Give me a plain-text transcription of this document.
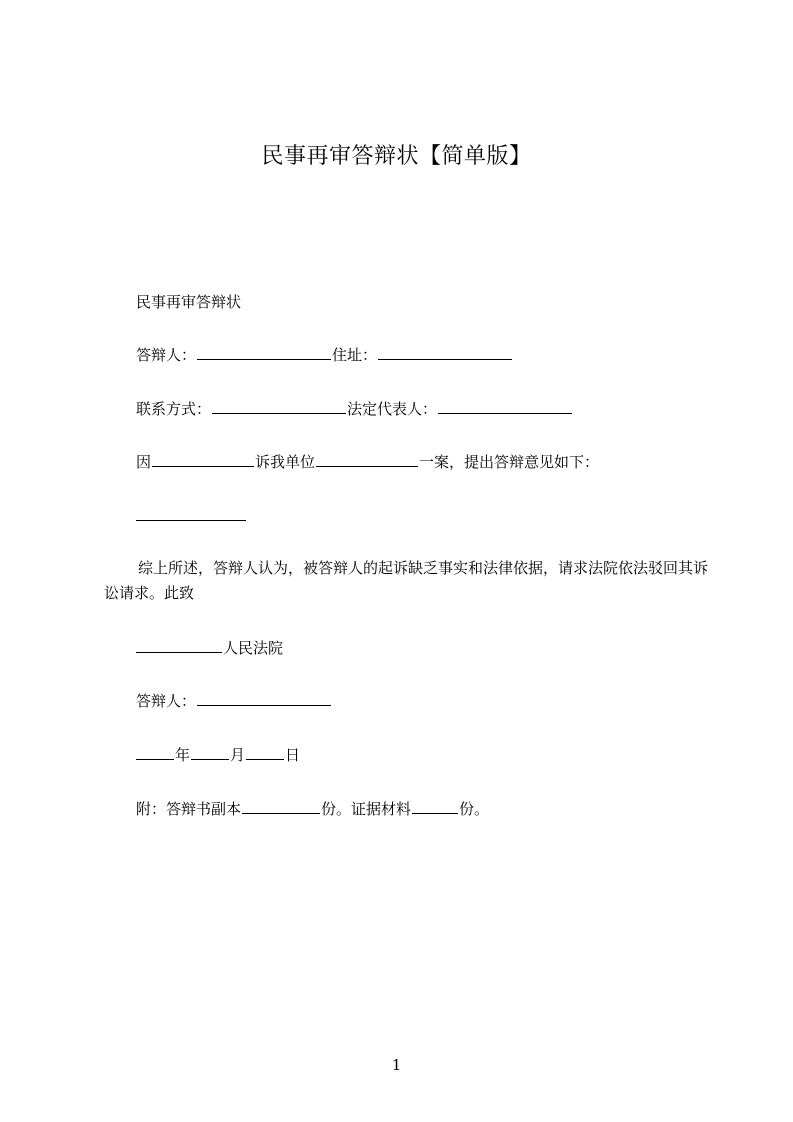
民事再审答辩状【简单版】
民事再审答辩状
答辩人：	住址：
联系方式：	法定代表人：
因	诉我单位	一案，提出答辩意见如下：
综上所述，答辩人认为，被答辩人的起诉缺乏事实和法律依据，请求法院依法驳回其诉讼请求。此致
人民法院
答辩人：
年	月	日
附：答辩书副本	份。证据材料	份。
1
